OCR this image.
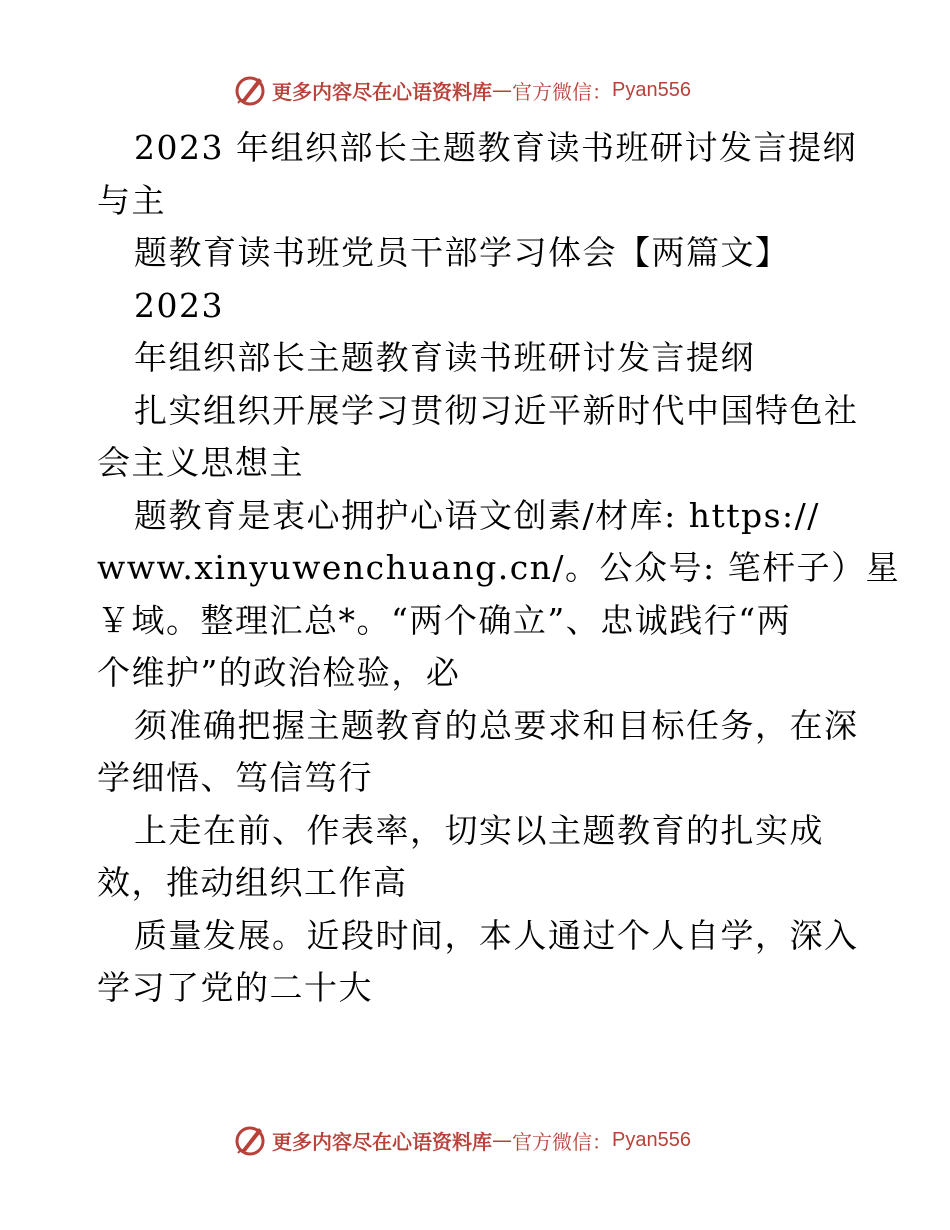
更多内容尽在心语资料库 — 官方微信： Pyan556
2023 年组织部长主题教育读书班研讨发言提纲
与主
题教育读书班党员干部学习体会【两篇文】
2023
年组织部长主题教育读书班研讨发言提纲
扎实组织开展学习贯彻习近平新时代中国特色社
会主义思想主
题教育是衷心拥护心语文创素/材库: https://
www.xinyuwenchuang.cn/。公众号: 笔杆子）星
￥域。整理汇总*。“两个确立”、忠诚践行“两
个维护”的政治检验，必
须准确把握主题教育的总要求和目标任务，在深
学细悟、笃信笃行
上走在前、作表率，切实以主题教育的扎实成
效，推动组织工作高
质量发展。近段时间，本人通过个人自学，深入
学习了党的二十大
更多内容尽在心语资料库 — 官方微信： Pyan556
